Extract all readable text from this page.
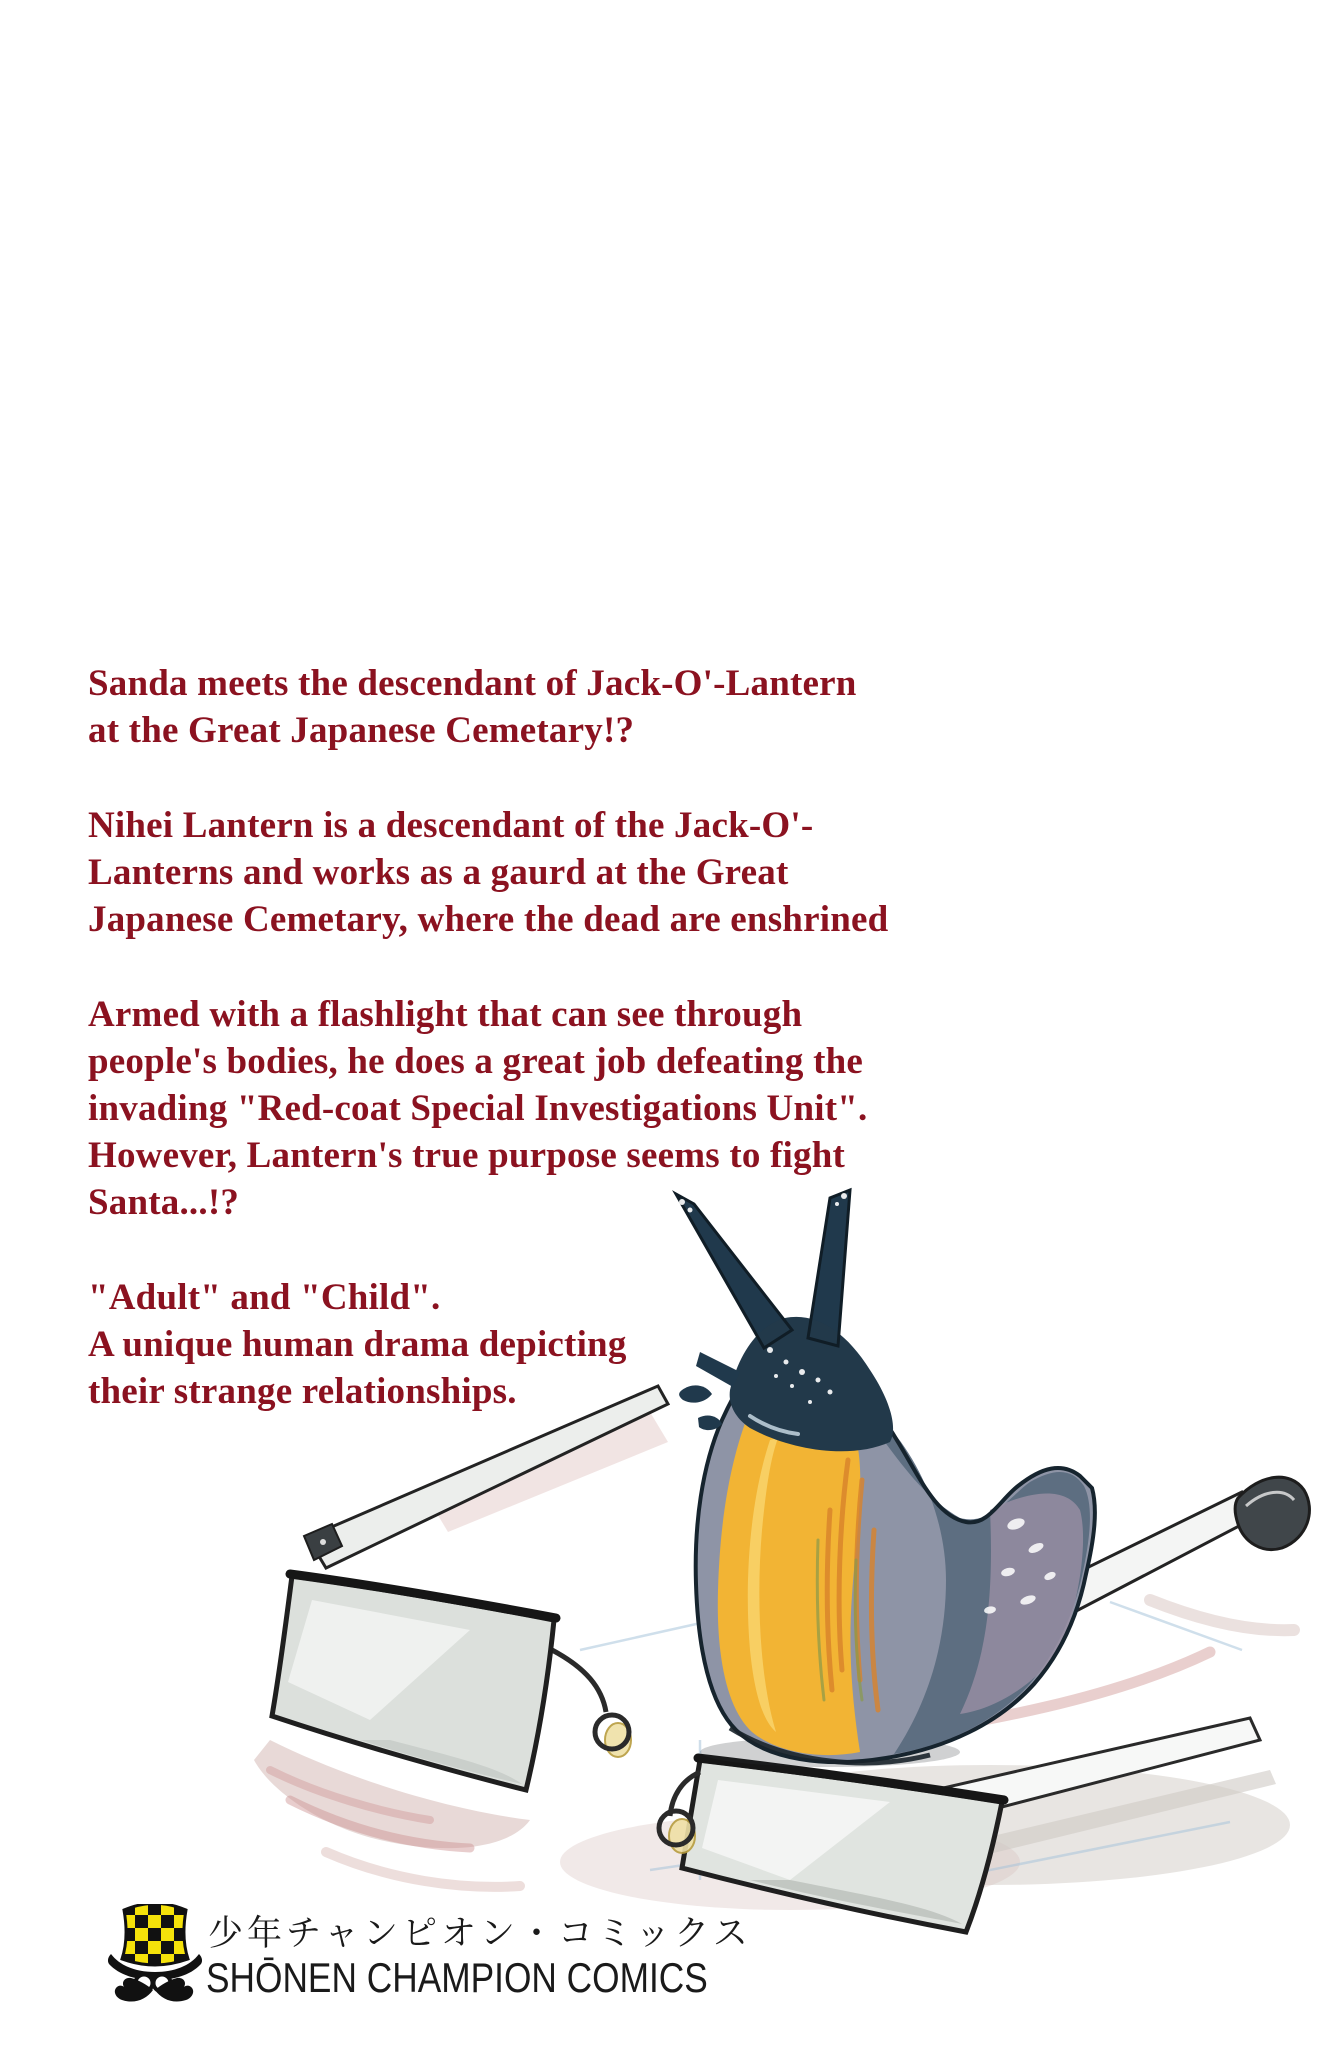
Sanda meets the descendant of Jack-O'-Lantern
at the Great Japanese Cemetary!?

Nihei Lantern is a descendant of the Jack-O'-
Lanterns and works as a gaurd at the Great
Japanese Cemetary, where the dead are enshrined

Armed with a flashlight that can see through
people's bodies, he does a great job defeating the
invading "Red-coat Special Investigations Unit".
However, Lantern's true purpose seems to fight
Santa...!?

"Adult" and "Child".
A unique human drama depicting
their strange relationships.

少年チャンピオン・コミックス
SHŌNEN CHAMPION COMICS
